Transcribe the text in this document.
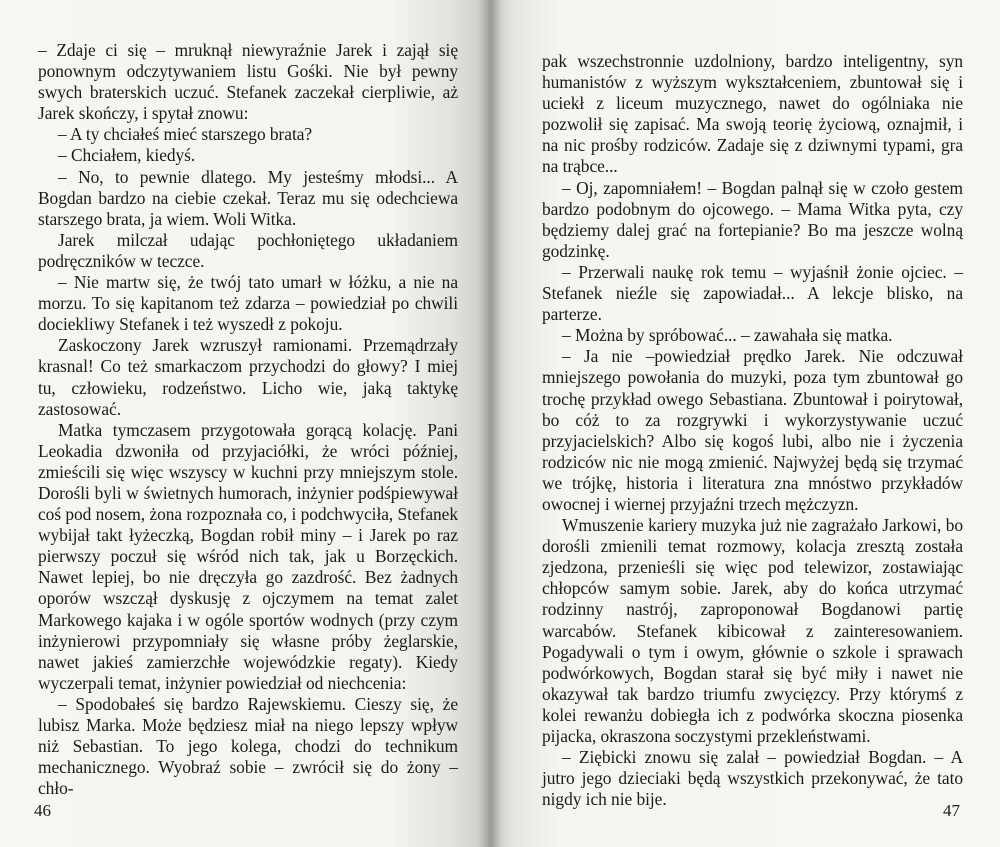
– Zdaje ci się – mruknął niewyraźnie Jarek i zajął się ponownym odczytywaniem listu Gośki. Nie był pewny swych braterskich uczuć. Stefanek zaczekał cierpliwie, aż Jarek skończy, i spytał znowu:

– A ty chciałeś mieć starszego brata?

– Chciałem, kiedyś.

– No, to pewnie dlatego. My jesteśmy młodsi... A Bogdan bardzo na ciebie czekał. Teraz mu się odechciewa starszego brata, ja wiem. Woli Witka.

Jarek milczał udając pochłoniętego układaniem podręczników w teczce.

– Nie martw się, że twój tato umarł w łóżku, a nie na morzu. To się kapitanom też zdarza – powiedział po chwili dociekliwy Stefanek i też wyszedł z pokoju.

Zaskoczony Jarek wzruszył ramionami. Przemądrzały krasnal! Co też smarkaczom przychodzi do głowy? I miej tu, człowieku, rodzeństwo. Licho wie, jaką taktykę zastosować.

Matka tymczasem przygotowała gorącą kolację. Pani Leokadia dzwoniła od przyjaciółki, że wróci później, zmieścili się więc wszyscy w kuchni przy mniejszym stole. Dorośli byli w świetnych humorach, inżynier podśpiewywał coś pod nosem, żona rozpoznała co, i podchwyciła, Stefanek wybijał takt łyżeczką, Bogdan robił miny – i Jarek po raz pierwszy poczuł się wśród nich tak, jak u Borzęckich. Nawet lepiej, bo nie dręczyła go zazdrość. Bez żadnych oporów wszczął dyskusję z ojczymem na temat zalet Markowego kajaka i w ogóle sportów wodnych (przy czym inżynierowi przypomniały się własne próby żeglarskie, nawet jakieś zamierzchłe wojewódzkie regaty). Kiedy wyczerpali temat, inżynier powiedział od niechcenia:

– Spodobałeś się bardzo Rajewskiemu. Cieszy się, że lubisz Marka. Może będziesz miał na niego lepszy wpływ niż Sebastian. To jego kolega, chodzi do technikum mechanicznego. Wyobraź sobie – zwrócił się do żony – chło-

46

pak wszechstronnie uzdolniony, bardzo inteligentny, syn humanistów z wyższym wykształceniem, zbuntował się i uciekł z liceum muzycznego, nawet do ogólniaka nie pozwolił się zapisać. Ma swoją teorię życiową, oznajmił, i na nic prośby rodziców. Zadaje się z dziwnymi typami, gra na trąbce...

– Oj, zapomniałem! – Bogdan palnął się w czoło gestem bardzo podobnym do ojcowego. – Mama Witka pyta, czy będziemy dalej grać na fortepianie? Bo ma jeszcze wolną godzinkę.

– Przerwali naukę rok temu – wyjaśnił żonie ojciec. – Stefanek nieźle się zapowiadał... A lekcje blisko, na parterze.

– Można by spróbować... – zawahała się matka.

– Ja nie –powiedział prędko Jarek. Nie odczuwał mniejszego powołania do muzyki, poza tym zbuntował go trochę przykład owego Sebastiana. Zbuntował i poirytował, bo cóż to za rozgrywki i wykorzystywanie uczuć przyjacielskich? Albo się kogoś lubi, albo nie i życzenia rodziców nic nie mogą zmienić. Najwyżej będą się trzymać we trójkę, historia i literatura zna mnóstwo przykładów owocnej i wiernej przyjaźni trzech mężczyzn.

Wmuszenie kariery muzyka już nie zagrażało Jarkowi, bo dorośli zmienili temat rozmowy, kolacja zresztą została zjedzona, przenieśli się więc pod telewizor, zostawiając chłopców samym sobie. Jarek, aby do końca utrzymać rodzinny nastrój, zaproponował Bogdanowi partię warcabów. Stefanek kibicował z zainteresowaniem. Pogadywali o tym i owym, głównie o szkole i sprawach podwórkowych, Bogdan starał się być miły i nawet nie okazywał tak bardzo triumfu zwycięzcy. Przy którymś z kolei rewanżu dobiegła ich z podwórka skoczna piosenka pijacka, okraszona soczystymi przekleństwami.

– Ziębicki znowu się zalał – powiedział Bogdan. – A jutro jego dzieciaki będą wszystkich przekonywać, że tato nigdy ich nie bije.

47
